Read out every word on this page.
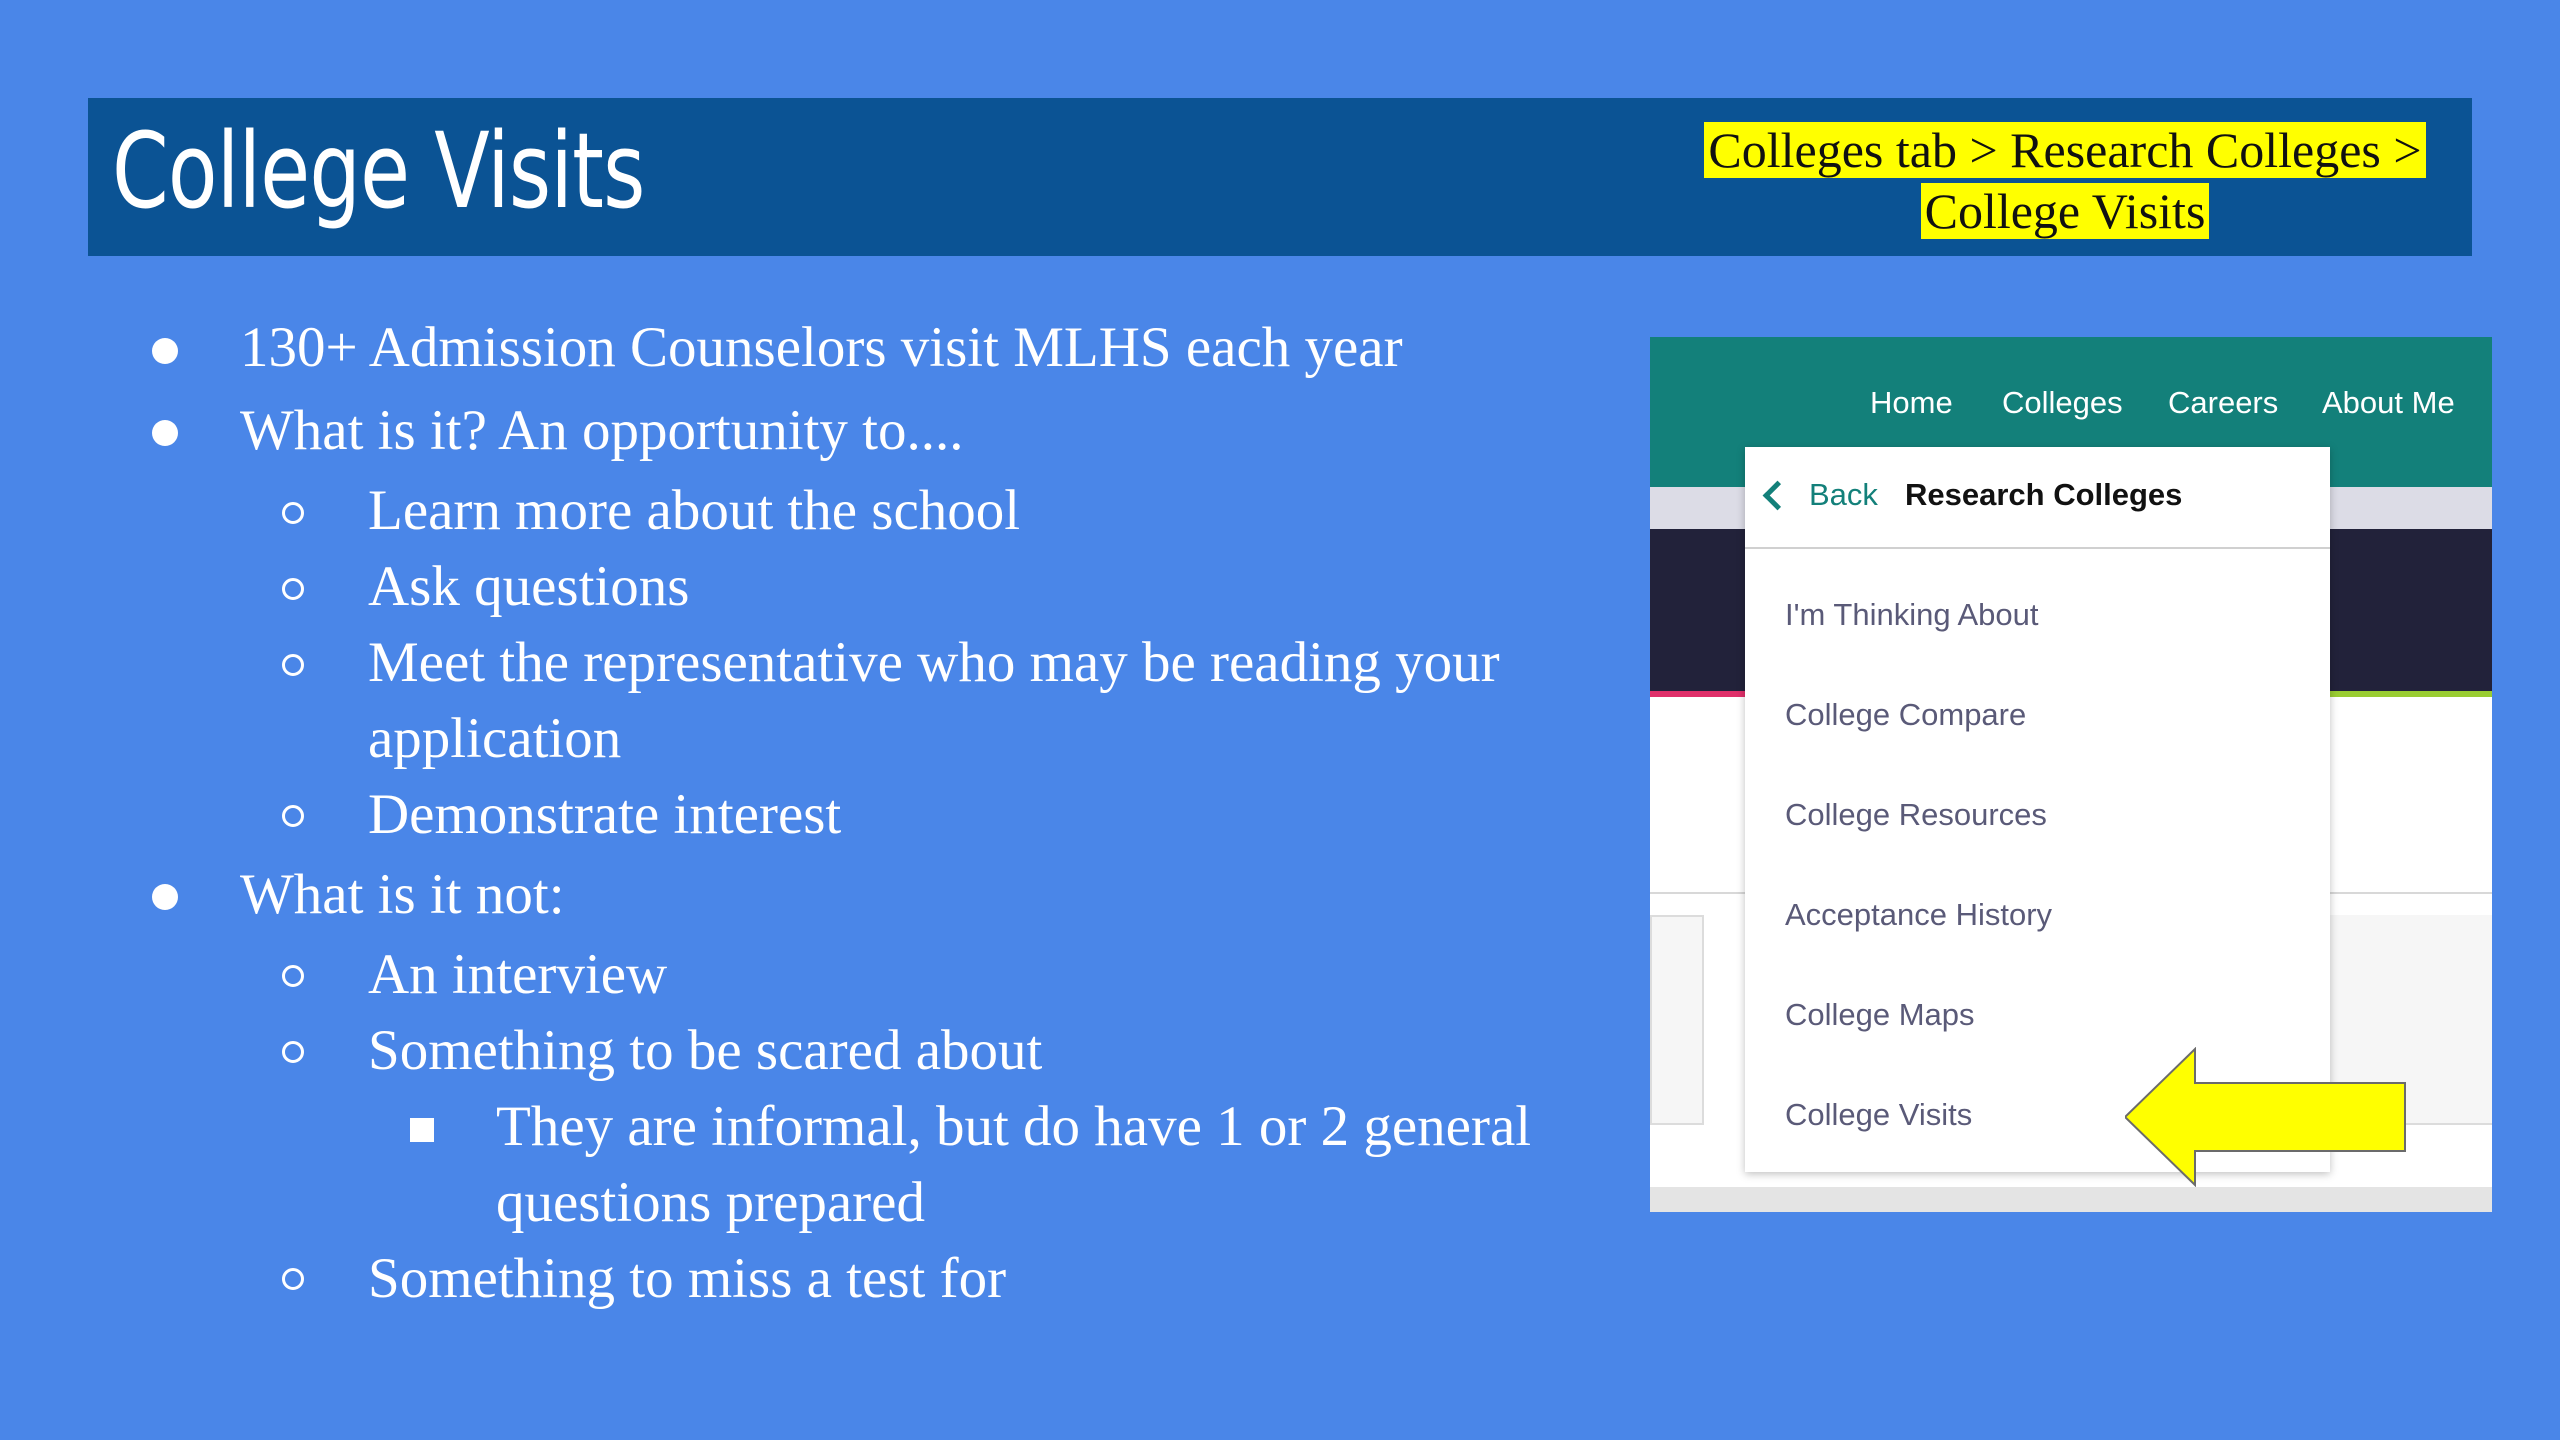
College Visits	Colleges tab > Research Colleges >
College Visits
130+ Admission Counselors visit MLHS each year
What is it? An opportunity to....
Learn more about the school
Ask questions
Meet the representative who may be reading your
application
Demonstrate interest
What is it not:
An interview
Something to be scared about
They are informal, but do have 1 or 2 general
questions prepared
Something to miss a test for
Home Colleges Careers About Me
Back Research Colleges
I'm Thinking About
College Compare
College Resources
Acceptance History
College Maps
College Visits
